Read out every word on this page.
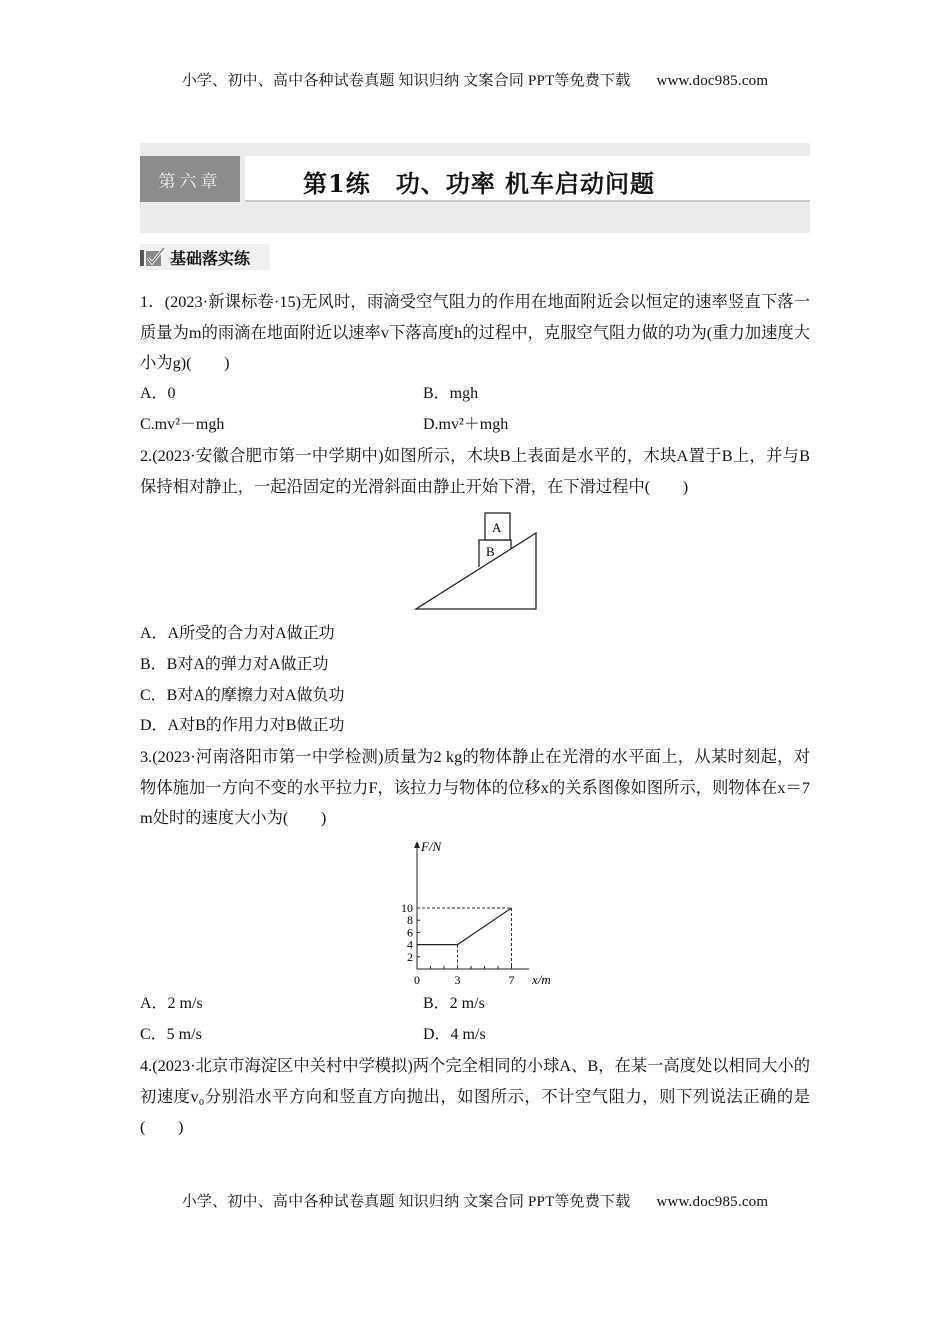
小学、初中、高中各种试卷真题 知识归纳 文案合同 PPT等免费下载 www.doc985.com
第六章	第1练　功、功率 机车启动问题
基础落实练
1．(2023·新课标卷·15)无风时，雨滴受空气阻力的作用在地面附近会以恒定的速率竖直下落一质量为m的雨滴在地面附近以速率v下落高度h的过程中，克服空气阻力做的功为(重力加速度大小为g)(　　)
A．0	B．mgh
C.mv²－mgh	D.mv²＋mgh
2.(2023·安徽合肥市第一中学期中)如图所示，木块B上表面是水平的，木块A置于B上，并与B保持相对静止，一起沿固定的光滑斜面由静止开始下滑，在下滑过程中(　　)
A
B
A．A所受的合力对A做正功
B．B对A的弹力对A做正功
C．B对A的摩擦力对A做负功
D．A对B的作用力对B做正功
3.(2023·河南洛阳市第一中学检测)质量为2 kg的物体静止在光滑的水平面上，从某时刻起，对物体施加一方向不变的水平拉力F，该拉力与物体的位移x的关系图像如图所示，则物体在x＝7 m处时的速度大小为(　　)
2
4
6
8
10
0	3	7
F/N
x/m
A．2 m/s	B．2 m/s
C．5 m/s	D．4 m/s
4.(2023·北京市海淀区中关村中学模拟)两个完全相同的小球A、B，在某一高度处以相同大小的初速度v₀分别沿水平方向和竖直方向抛出，如图所示，不计空气阻力，则下列说法正确的是(　　)
小学、初中、高中各种试卷真题 知识归纳 文案合同 PPT等免费下载 www.doc985.com
